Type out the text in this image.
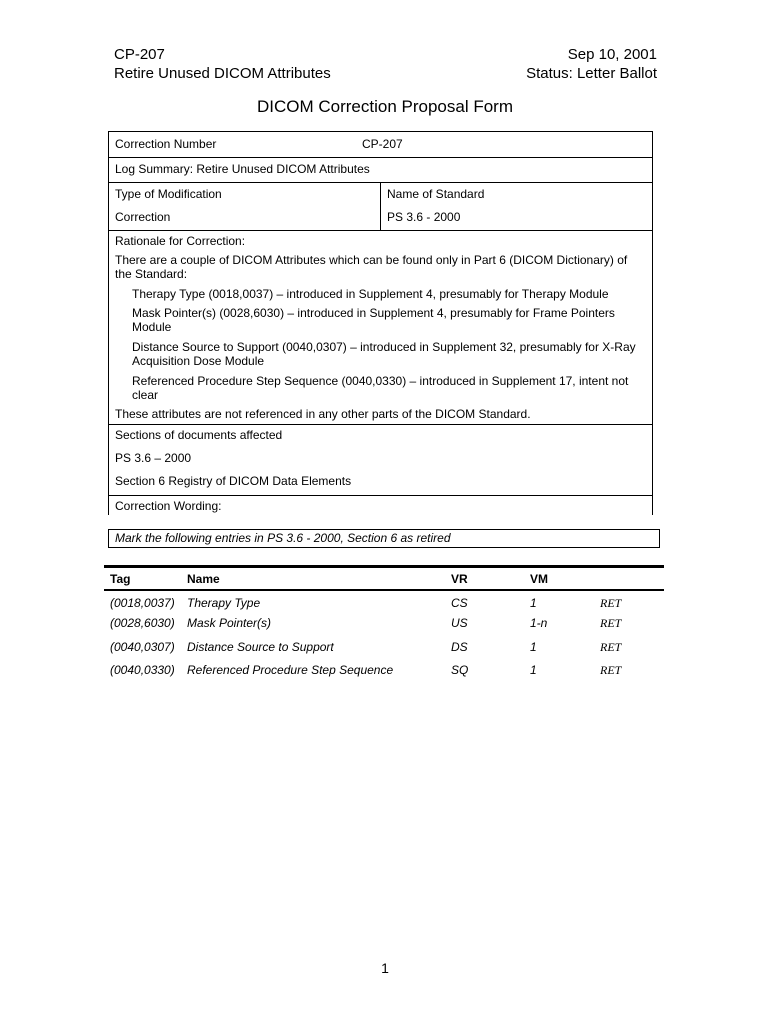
CP-207
Retire Unused DICOM Attributes
Sep 10, 2001
Status: Letter Ballot
DICOM Correction Proposal Form
Correction Number	CP-207
Log Summary: Retire Unused DICOM Attributes
Type of Modification
Correction
Name of Standard
PS 3.6 - 2000
Rationale for Correction:
There are a couple of DICOM Attributes which can be found only in Part 6 (DICOM Dictionary) of the Standard:
Therapy Type (0018,0037) – introduced in Supplement 4, presumably for Therapy Module
Mask Pointer(s) (0028,6030) – introduced in Supplement 4, presumably for Frame Pointers Module
Distance Source to Support (0040,0307) – introduced in Supplement 32, presumably for X-Ray Acquisition Dose Module
Referenced Procedure Step Sequence (0040,0330) – introduced in Supplement 17, intent not clear
These attributes are not referenced in any other parts of the DICOM Standard.
Sections of documents affected
PS 3.6 – 2000
Section 6 Registry of DICOM Data Elements
Correction Wording:
Mark the following entries in PS 3.6 - 2000, Section 6 as retired
Tag	Name	VR	VM
(0018,0037) Therapy Type	CS	1	RET
(0028,6030) Mask Pointer(s)	US	1-n	RET
(0040,0307) Distance Source to Support	DS	1	RET
(0040,0330) Referenced Procedure Step Sequence	SQ	1	RET
1
